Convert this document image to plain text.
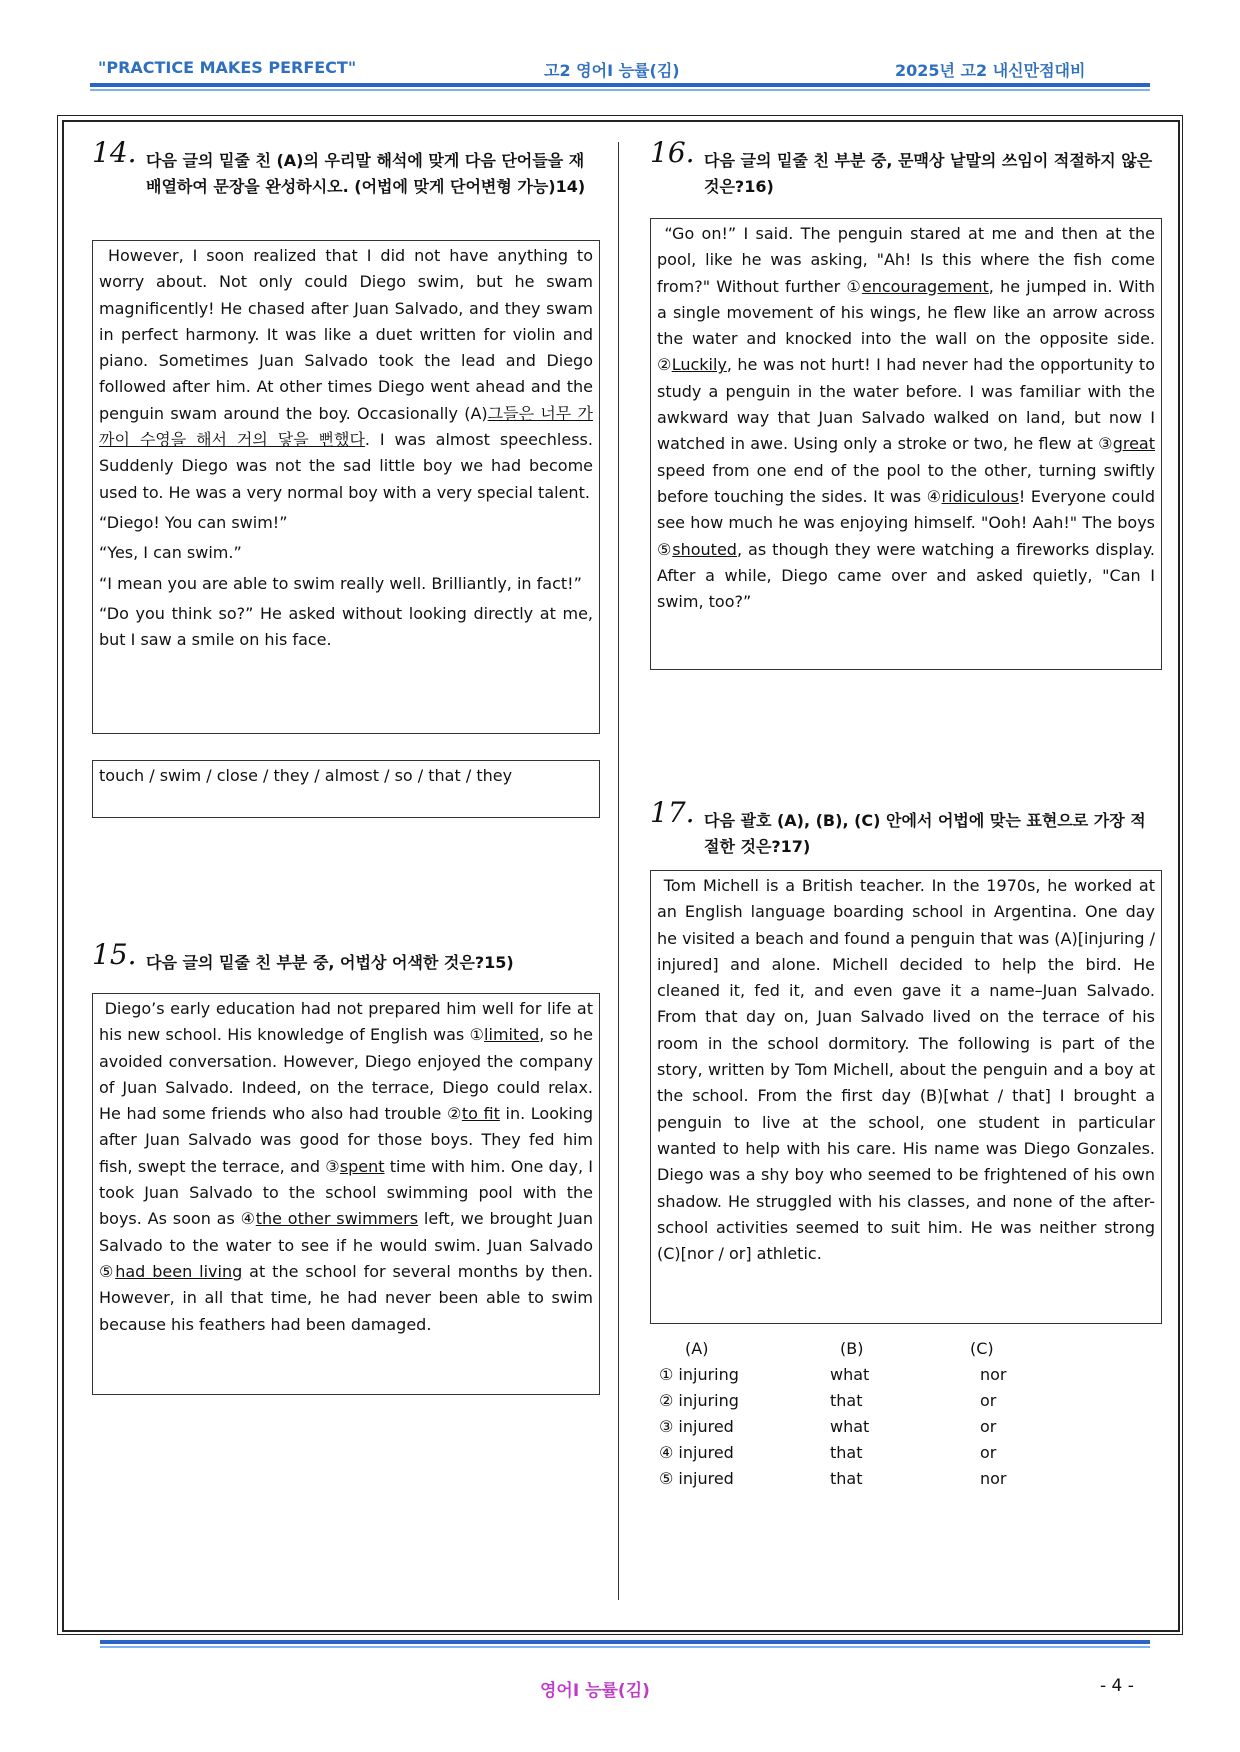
"PRACTICE MAKES PERFECT"	고2 영어Ⅰ 능률(김)	2025년 고2 내신만점대비
14. 다음 글의 밑줄 친 (A)의 우리말 해석에 맞게 다음 단어들을 재배열하여 문장을 완성하시오. (어법에 맞게 단어변형 가능)14)

However, I soon realized that I did not have anything to worry about. Not only could Diego swim, but he swam magnificently! He chased after Juan Salvado, and they swam in perfect harmony. It was like a duet written for violin and piano. Sometimes Juan Salvado took the lead and Diego followed after him. At other times Diego went ahead and the penguin swam around the boy. Occasionally (A)그들은 너무 가까이 수영을 해서 거의 닿을 뻔했다. I was almost speechless. Suddenly Diego was not the sad little boy we had become used to. He was a very normal boy with a very special talent.

“Diego! You can swim!”

“Yes, I can swim.”

“I mean you are able to swim really well. Brilliantly, in fact!”

“Do you think so?” He asked without looking directly at me, but I saw a smile on his face.

touch / swim / close / they / almost / so / that / they

15. 다음 글의 밑줄 친 부분 중, 어법상 어색한 것은?15)

Diego’s early education had not prepared him well for life at his new school. His knowledge of English was ①limited, so he avoided conversation. However, Diego enjoyed the company of Juan Salvado. Indeed, on the terrace, Diego could relax. He had some friends who also had trouble ②to fit in. Looking after Juan Salvado was good for those boys. They fed him fish, swept the terrace, and ③spent time with him. One day, I took Juan Salvado to the school swimming pool with the boys. As soon as ④the other swimmers left, we brought Juan Salvado to the water to see if he would swim. Juan Salvado ⑤had been living at the school for several months by then. However, in all that time, he had never been able to swim because his feathers had been damaged.

16. 다음 글의 밑줄 친 부분 중, 문맥상 낱말의 쓰임이 적절하지 않은 것은?16)

“Go on!” I said. The penguin stared at me and then at the pool, like he was asking, "Ah! Is this where the fish come from?" Without further ①encouragement, he jumped in. With a single movement of his wings, he flew like an arrow across the water and knocked into the wall on the opposite side. ②Luckily, he was not hurt! I had never had the opportunity to study a penguin in the water before. I was familiar with the awkward way that Juan Salvado walked on land, but now I watched in awe. Using only a stroke or two, he flew at ③great speed from one end of the pool to the other, turning swiftly before touching the sides. It was ④ridiculous! Everyone could see how much he was enjoying himself. "Ooh! Aah!" The boys ⑤shouted, as though they were watching a fireworks display. After a while, Diego came over and asked quietly, "Can I swim, too?”

17. 다음 괄호 (A), (B), (C) 안에서 어법에 맞는 표현으로 가장 적절한 것은?17)

Tom Michell is a British teacher. In the 1970s, he worked at an English language boarding school in Argentina. One day he visited a beach and found a penguin that was (A)[injuring / injured] and alone. Michell decided to help the bird. He cleaned it, fed it, and even gave it a name–Juan Salvado. From that day on, Juan Salvado lived on the terrace of his room in the school dormitory. The following is part of the story, written by Tom Michell, about the penguin and a boy at the school. From the first day (B)[what / that] I brought a penguin to live at the school, one student in particular wanted to help with his care. His name was Diego Gonzales. Diego was a shy boy who seemed to be frightened of his own shadow. He struggled with his classes, and none of the after-school activities seemed to suit him. He was neither strong (C)[nor / or] athletic.

(A)	(B)	(C)
① injuring	what	nor
② injuring	that	or
③ injured	what	or
④ injured	that	or
⑤ injured	that	nor
영어Ⅰ 능률(김)	- 4 -
